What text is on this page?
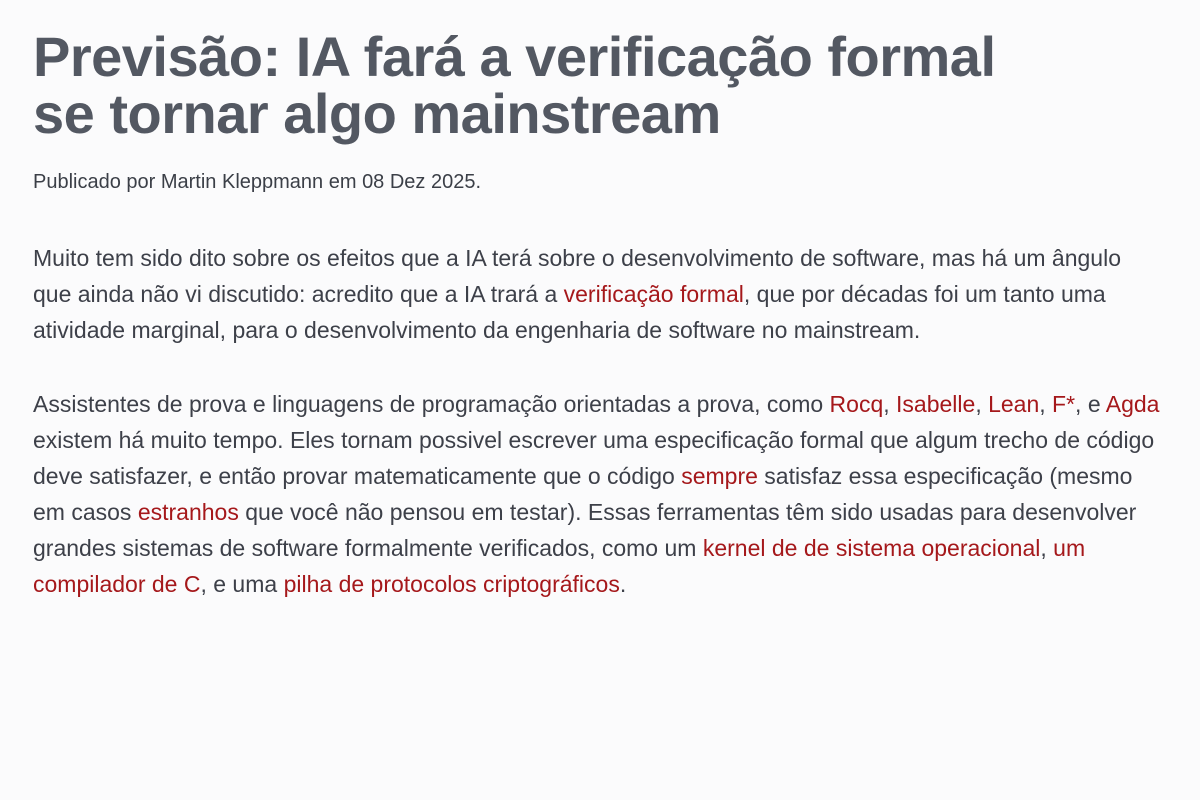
Previsão: IA fará a verificação formal
se tornar algo mainstream

Publicado por Martin Kleppmann em 08 Dez 2025.

Muito tem sido dito sobre os efeitos que a IA terá sobre o desenvolvimento de software, mas há um ângulo que ainda não vi discutido: acredito que a IA trará a verificação formal, que por décadas foi um tanto uma atividade marginal, para o desenvolvimento da engenharia de software no mainstream.

Assistentes de prova e linguagens de programação orientadas a prova, como Rocq, Isabelle, Lean, F*, e Agda existem há muito tempo. Eles tornam possivel escrever uma especificação formal que algum trecho de código deve satisfazer, e então provar matematicamente que o código sempre satisfaz essa especificação (mesmo em casos estranhos que você não pensou em testar). Essas ferramentas têm sido usadas para desenvolver grandes sistemas de software formalmente verificados, como um kernel de de sistema operacional, um compilador de C, e uma pilha de protocolos criptográficos.
